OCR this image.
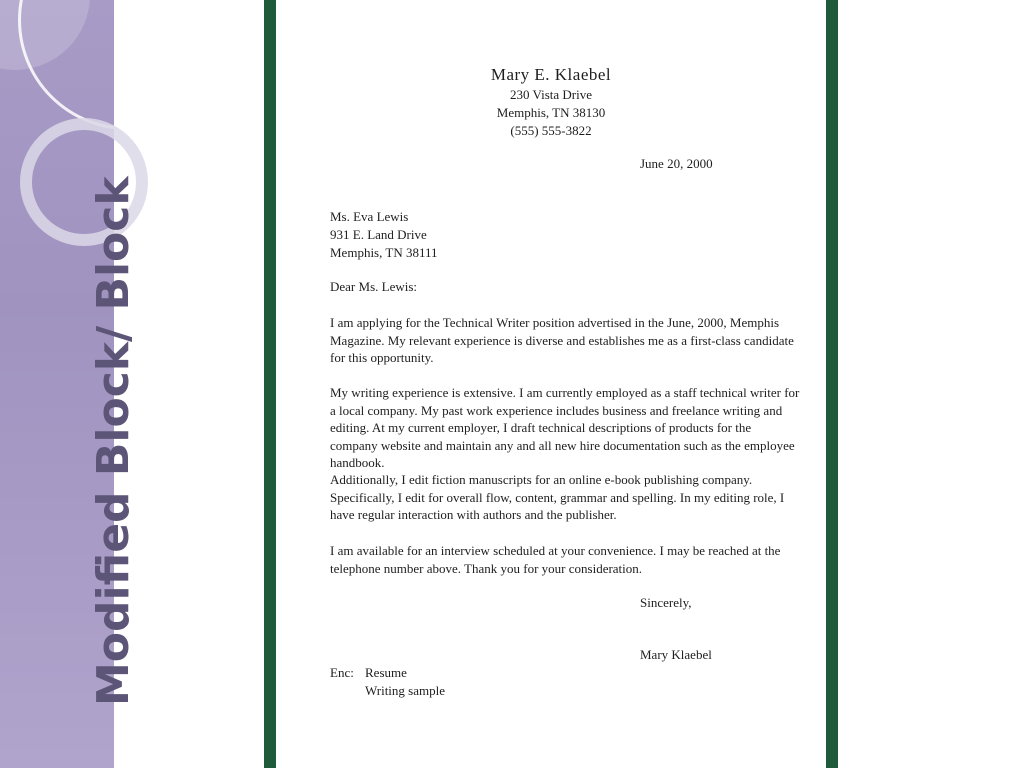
Modified Block/ Block
Mary E. Klaebel
230 Vista Drive
Memphis, TN 38130
(555) 555-3822
June 20, 2000
Ms. Eva Lewis
931 E. Land Drive
Memphis, TN 38111
Dear Ms. Lewis:
I am applying for the Technical Writer position advertised in the June, 2000, Memphis Magazine. My relevant experience is diverse and establishes me as a first-class candidate for this opportunity.
My writing experience is extensive. I am currently employed as a staff technical writer for a local company. My past work experience includes business and freelance writing and editing. At my current employer, I draft technical descriptions of products for the company website and maintain any and all new hire documentation such as the employee handbook.
Additionally, I edit fiction manuscripts for an online e-book publishing company. Specifically, I edit for overall flow, content, grammar and spelling. In my editing role, I have regular interaction with authors and the publisher.
I am available for an interview scheduled at your convenience. I may be reached at the telephone number above. Thank you for your consideration.
Sincerely,
Mary Klaebel
Enc: Resume
Writing sample
